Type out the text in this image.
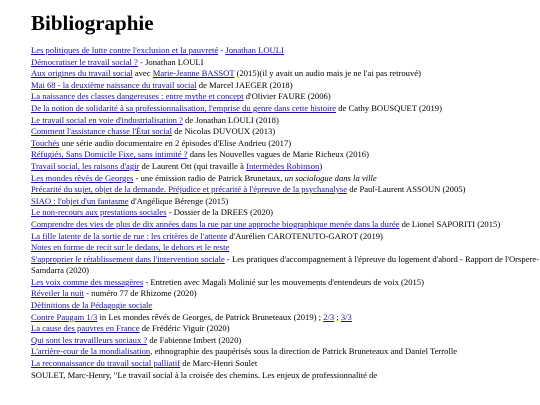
Bibliographie
Les politiques de lutte contre l'exclusion et la pauvreté - Jonathan LOULI
Démocratiser le travail social ? - Jonathan LOULI
Aux origines du travail social avec Marie-Jeanne BASSOT (2015)(il y avait un audio mais je ne l'ai pas retrouvé)
Mai 68 - la deuxième naissance du travail social de Marcel JAEGER (2018)
La naissance des classes dangereuses : entre mythe et concept d'Olivier FAURE (2006)
De la notion de solidarité à sa professionnalisation, l'emprise du genre dans cette histoire de Cathy BOUSQUET (2019)
Le travail social en voie d'industrialisation ? de Jonathan LOULI (2018)
Comment l'assistance chasse l'État social de Nicolas DUVOUX (2013)
Touchés une série audio documentaire en 2 épisodes d'Elise Andrieu (2017)
Réfugiés, Sans Domicile Fixe, sans intimité ? dans les Nouvelles vagues de Marie Richeux (2016)
Travail social, les raisons d'agir de Laurent Ott (qui travaille à Intermèdes Robinson)
Les mondes rêvés de Georges - une émission radio de Patrick Brunetaux, un sociologue dans la ville
Précarité du sujet, objet de la demande. Préjudice et précarité à l'épreuve de la psychanalyse de Paul-Laurent ASSOUN (2005)
SIAO : l'objet d'un fantasme d'Angélique Bérenge (2015)
Le non-recours aux prestations sociales - Dossier de la DREES (2020)
Comprendre des vies de plus de dix années dans la rue par une approche biographique menée dans la durée de Lionel SAPORITI (2015)
La fille latente de la sortie de rue : les critères de l'attente d'Aurélien CAROTENUTO-GAROT (2019)
Notes en forme de recit sur le dedans, le dehors et le reste
S'approprier le rétablissement dans l'intervention sociale - Les pratiques d'accompagnement à l'épreuve du logement d'abord - Rapport de l'Orspere-Samdarra (2020)
Les voix comme des messagères - Entretien avec Magali Molinié sur les mouvements d'entendeurs de voix (2015)
Réveiler la nuit - numéro 77 de Rhizome (2020)
Définitions de la Pédagogie sociale
Contre Paugam 1/3 in Les mondes rêvés de Georges, de Patrick Bruneteaux (2019) ; 2/3 ; 3/3
La cause des pauvres en France de Frédéric Viguir (2020)
Qui sont les travailleurs sociaux ? de Fabienne Imbert (2020)
L'arrière-cour de la mondialisation, ethnographie des paupérisés sous la direction de Patrick Bruneteaux and Daniel Terrolle
La reconnaissance du travail social palliatif de Marc-Henri Soulet
SOULET, Marc-Henry, "Le travail social à la croisée des chemins. Les enjeux de professionnalité de
